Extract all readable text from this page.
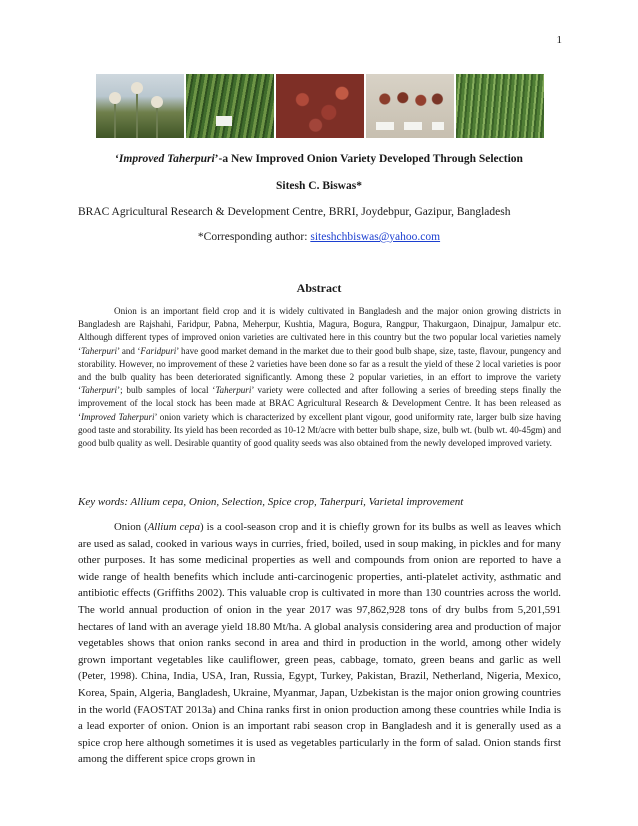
1
‘Improved Taherpuri’-a New Improved Onion Variety Developed Through Selection
Sitesh C. Biswas*
BRAC Agricultural Research & Development Centre, BRRI, Joydebpur, Gazipur, Bangladesh
*Corresponding author: siteshchbiswas@yahoo.com
Abstract
Onion is an important field crop and it is widely cultivated in Bangladesh and the major onion growing districts in Bangladesh are Rajshahi, Faridpur, Pabna, Meherpur, Kushtia, Magura, Bogura, Rangpur, Thakurgaon, Dinajpur, Jamalpur etc. Although different types of improved onion varieties are cultivated here in this country but the two popular local varieties namely ‘Taherpuri’ and ‘Faridpuri’ have good market demand in the market due to their good bulb shape, size, taste, flavour, pungency and storability. However, no improvement of these 2 varieties have been done so far as a result the yield of these 2 local varieties is poor and the bulb quality has been deteriorated significantly. Among these 2 popular varieties, in an effort to improve the variety ‘Taherpuri’; bulb samples of local ‘Taherpuri’ variety were collected and after following a series of breeding steps finally the improvement of the local stock has been made at BRAC Agricultural Research & Development Centre. It has been released as ‘Improved Taherpuri’ onion variety which is characterized by excellent plant vigour, good uniformity rate, larger bulb size having good taste and storability. Its yield has been recorded as 10-12 Mt/acre with better bulb shape, size, bulb wt. (bulb wt. 40-45gm) and good bulb quality as well. Desirable quantity of good quality seeds was also obtained from the newly developed improved variety.
Key words: Allium cepa, Onion, Selection, Spice crop, Taherpuri, Varietal improvement
Onion (Allium cepa) is a cool-season crop and it is chiefly grown for its bulbs as well as leaves which are used as salad, cooked in various ways in curries, fried, boiled, used in soup making, in pickles and for many other purposes. It has some medicinal properties as well and compounds from onion are reported to have a wide range of health benefits which include anti-carcinogenic properties, anti-platelet activity, asthmatic and antibiotic effects (Griffiths 2002). This valuable crop is cultivated in more than 130 countries across the world. The world annual production of onion in the year 2017 was 97,862,928 tons of dry bulbs from 5,201,591 hectares of land with an average yield 18.80 Mt/ha. A global analysis considering area and production of major vegetables shows that onion ranks second in area and third in production in the world, among other widely grown important vegetables like cauliflower, green peas, cabbage, tomato, green beans and garlic as well (Peter, 1998). China, India, USA, Iran, Russia, Egypt, Turkey, Pakistan, Brazil, Netherland, Nigeria, Mexico, Korea, Spain, Algeria, Bangladesh, Ukraine, Myanmar, Japan, Uzbekistan is the major onion growing countries in the world (FAOSTAT 2013a) and China ranks first in onion production among these countries while India is a lead exporter of onion. Onion is an important rabi season crop in Bangladesh and it is generally used as a spice crop here although sometimes it is used as vegetables particularly in the form of salad. Onion stands first among the different spice crops grown in
